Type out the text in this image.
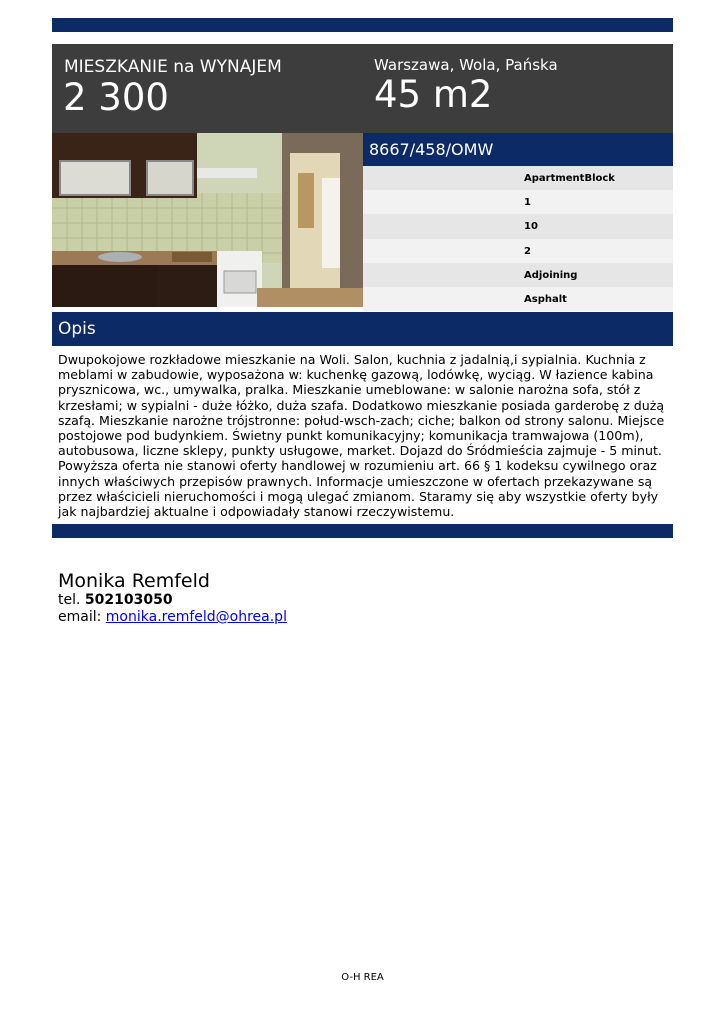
MIESZKANIE na WYNAJEM
2 300
Warszawa, Wola, Pańska
45 m2
8667/458/OMW
ApartmentBlock
1
10
2
Adjoining
Asphalt
Opis
Dwupokojowe rozkładowe mieszkanie na Woli. Salon, kuchnia z jadalnią,i sypialnia. Kuchnia z meblami w zabudowie, wyposażona w: kuchenkę gazową, lodówkę, wyciąg. W łazience kabina prysznicowa, wc., umywalka, pralka. Mieszkanie umeblowane: w salonie narożna sofa, stół z krzesłami; w sypialni - duże łóżko, duża szafa. Dodatkowo mieszkanie posiada garderobę z dużą szafą. Mieszkanie narożne trójstronne: połud-wsch-zach; ciche; balkon od strony salonu. Miejsce postojowe pod budynkiem. Świetny punkt komunikacyjny; komunikacja tramwajowa (100m), autobusowa, liczne sklepy, punkty usługowe, market. Dojazd do Śródmieścia zajmuje - 5 minut. Powyższa oferta nie stanowi oferty handlowej w rozumieniu art. 66 § 1 kodeksu cywilnego oraz innych właściwych przepisów prawnych. Informacje umieszczone w ofertach przekazywane są przez właścicieli nieruchomości i mogą ulegać zmianom. Staramy się aby wszystkie oferty były jak najbardziej aktualne i odpowiadały stanowi rzeczywistemu.
Monika Remfeld
tel. 502103050
email: monika.remfeld@ohrea.pl
O-H REA
